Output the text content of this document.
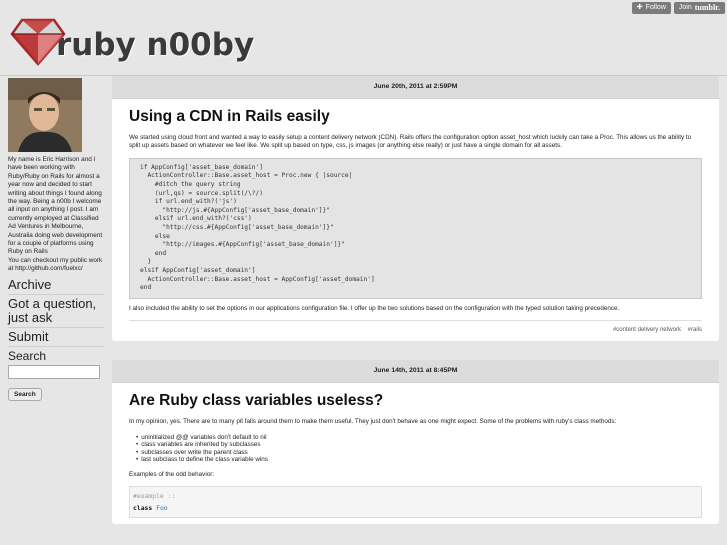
✚ Follow Join tumblr.
ruby n00by

My name is Eric Harrison and I have been working with Ruby/Ruby on Rails for almost a year now and decided to start writing about things I found along the way. Being a n00b I welcome all input on anything I post. I am currently employed at Classified Ad Ventures in Melbourne, Australia doing web development for a couple of platforms using Ruby on Rails
You can checkout my public work at http://github.com/fuelxc/

Archive
Got a question, just ask
Submit
Search
Search
June 20th, 2011 at 2:59PM
Using a CDN in Rails easily

We started using cloud front and wanted a way to easily setup a content delivery network (CDN). Rails offers the configuration option asset_host which luckily can take a Proc. This allows us the ability to split up assets based on whatever we feel like. We split up based on type, css, js images (or anything else really) or just have a single domain for all assets.

if AppConfig['asset_base_domain']
ActionController::Base.asset_host = Proc.new { |source|
#ditch the query string
(url,qs) = source.split(/\?/)
if url.end_with?('js')
"http://js.#{AppConfig['asset_base_domain']}"
elsif url.end_with?('css')
"http://css.#{AppConfig['asset_base_domain']}"
else
"http://images.#{AppConfig['asset_base_domain']}"
end
}
elsif AppConfig['asset_domain']
ActionController::Base.asset_host = AppConfig['asset_domain']
end

I also included the ability to set the options in our applications configuration file. I offer up the two solutions based on the configuration with the typed solution taking precedence.

#content delivery network #rails
June 14th, 2011 at 8:45PM
Are Ruby class variables useless?

In my opinion, yes. There are to many pit falls around them to make them useful. They just don't behave as one might expect. Some of the problems with ruby's class methods:

• uninitialized @@ variables don't default to nil
• class variables are inherited by subclasses
• subclasses over write the parent class
• last subclass to define the class variable wins

Examples of the odd behavior:

#example ::
class Foo
